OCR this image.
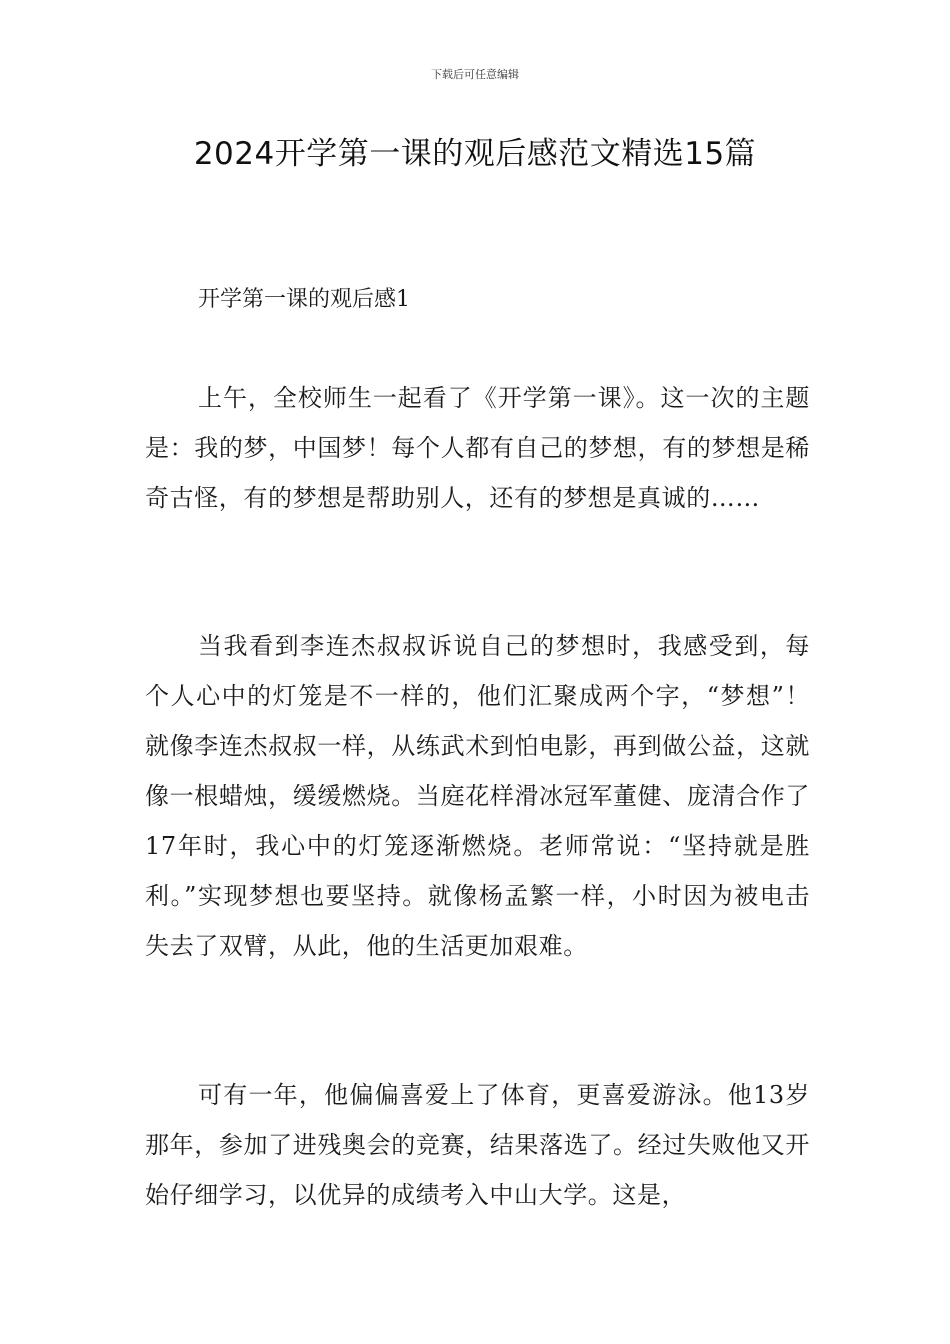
下载后可任意编辑
2024开学第一课的观后感范文精选15篇
开学第一课的观后感1

上午，全校师生一起看了《开学第一课》。这一次的主题是：我的梦，中国梦！每个人都有自己的梦想，有的梦想是稀奇古怪，有的梦想是帮助别人，还有的梦想是真诚的……

当我看到李连杰叔叔诉说自己的梦想时，我感受到，每个人心中的灯笼是不一样的，他们汇聚成两个字，“梦想”！就像李连杰叔叔一样，从练武术到怕电影，再到做公益，这就像一根蜡烛，缓缓燃烧。当庭花样滑冰冠军董健、庞清合作了17年时，我心中的灯笼逐渐燃烧。老师常说：“坚持就是胜利。”实现梦想也要坚持。就像杨孟繁一样，小时因为被电击失去了双臂，从此，他的生活更加艰难。

可有一年，他偏偏喜爱上了体育，更喜爱游泳。他13岁那年，参加了进残奥会的竞赛，结果落选了。经过失败他又开始仔细学习，以优异的成绩考入中山大学。这是，
